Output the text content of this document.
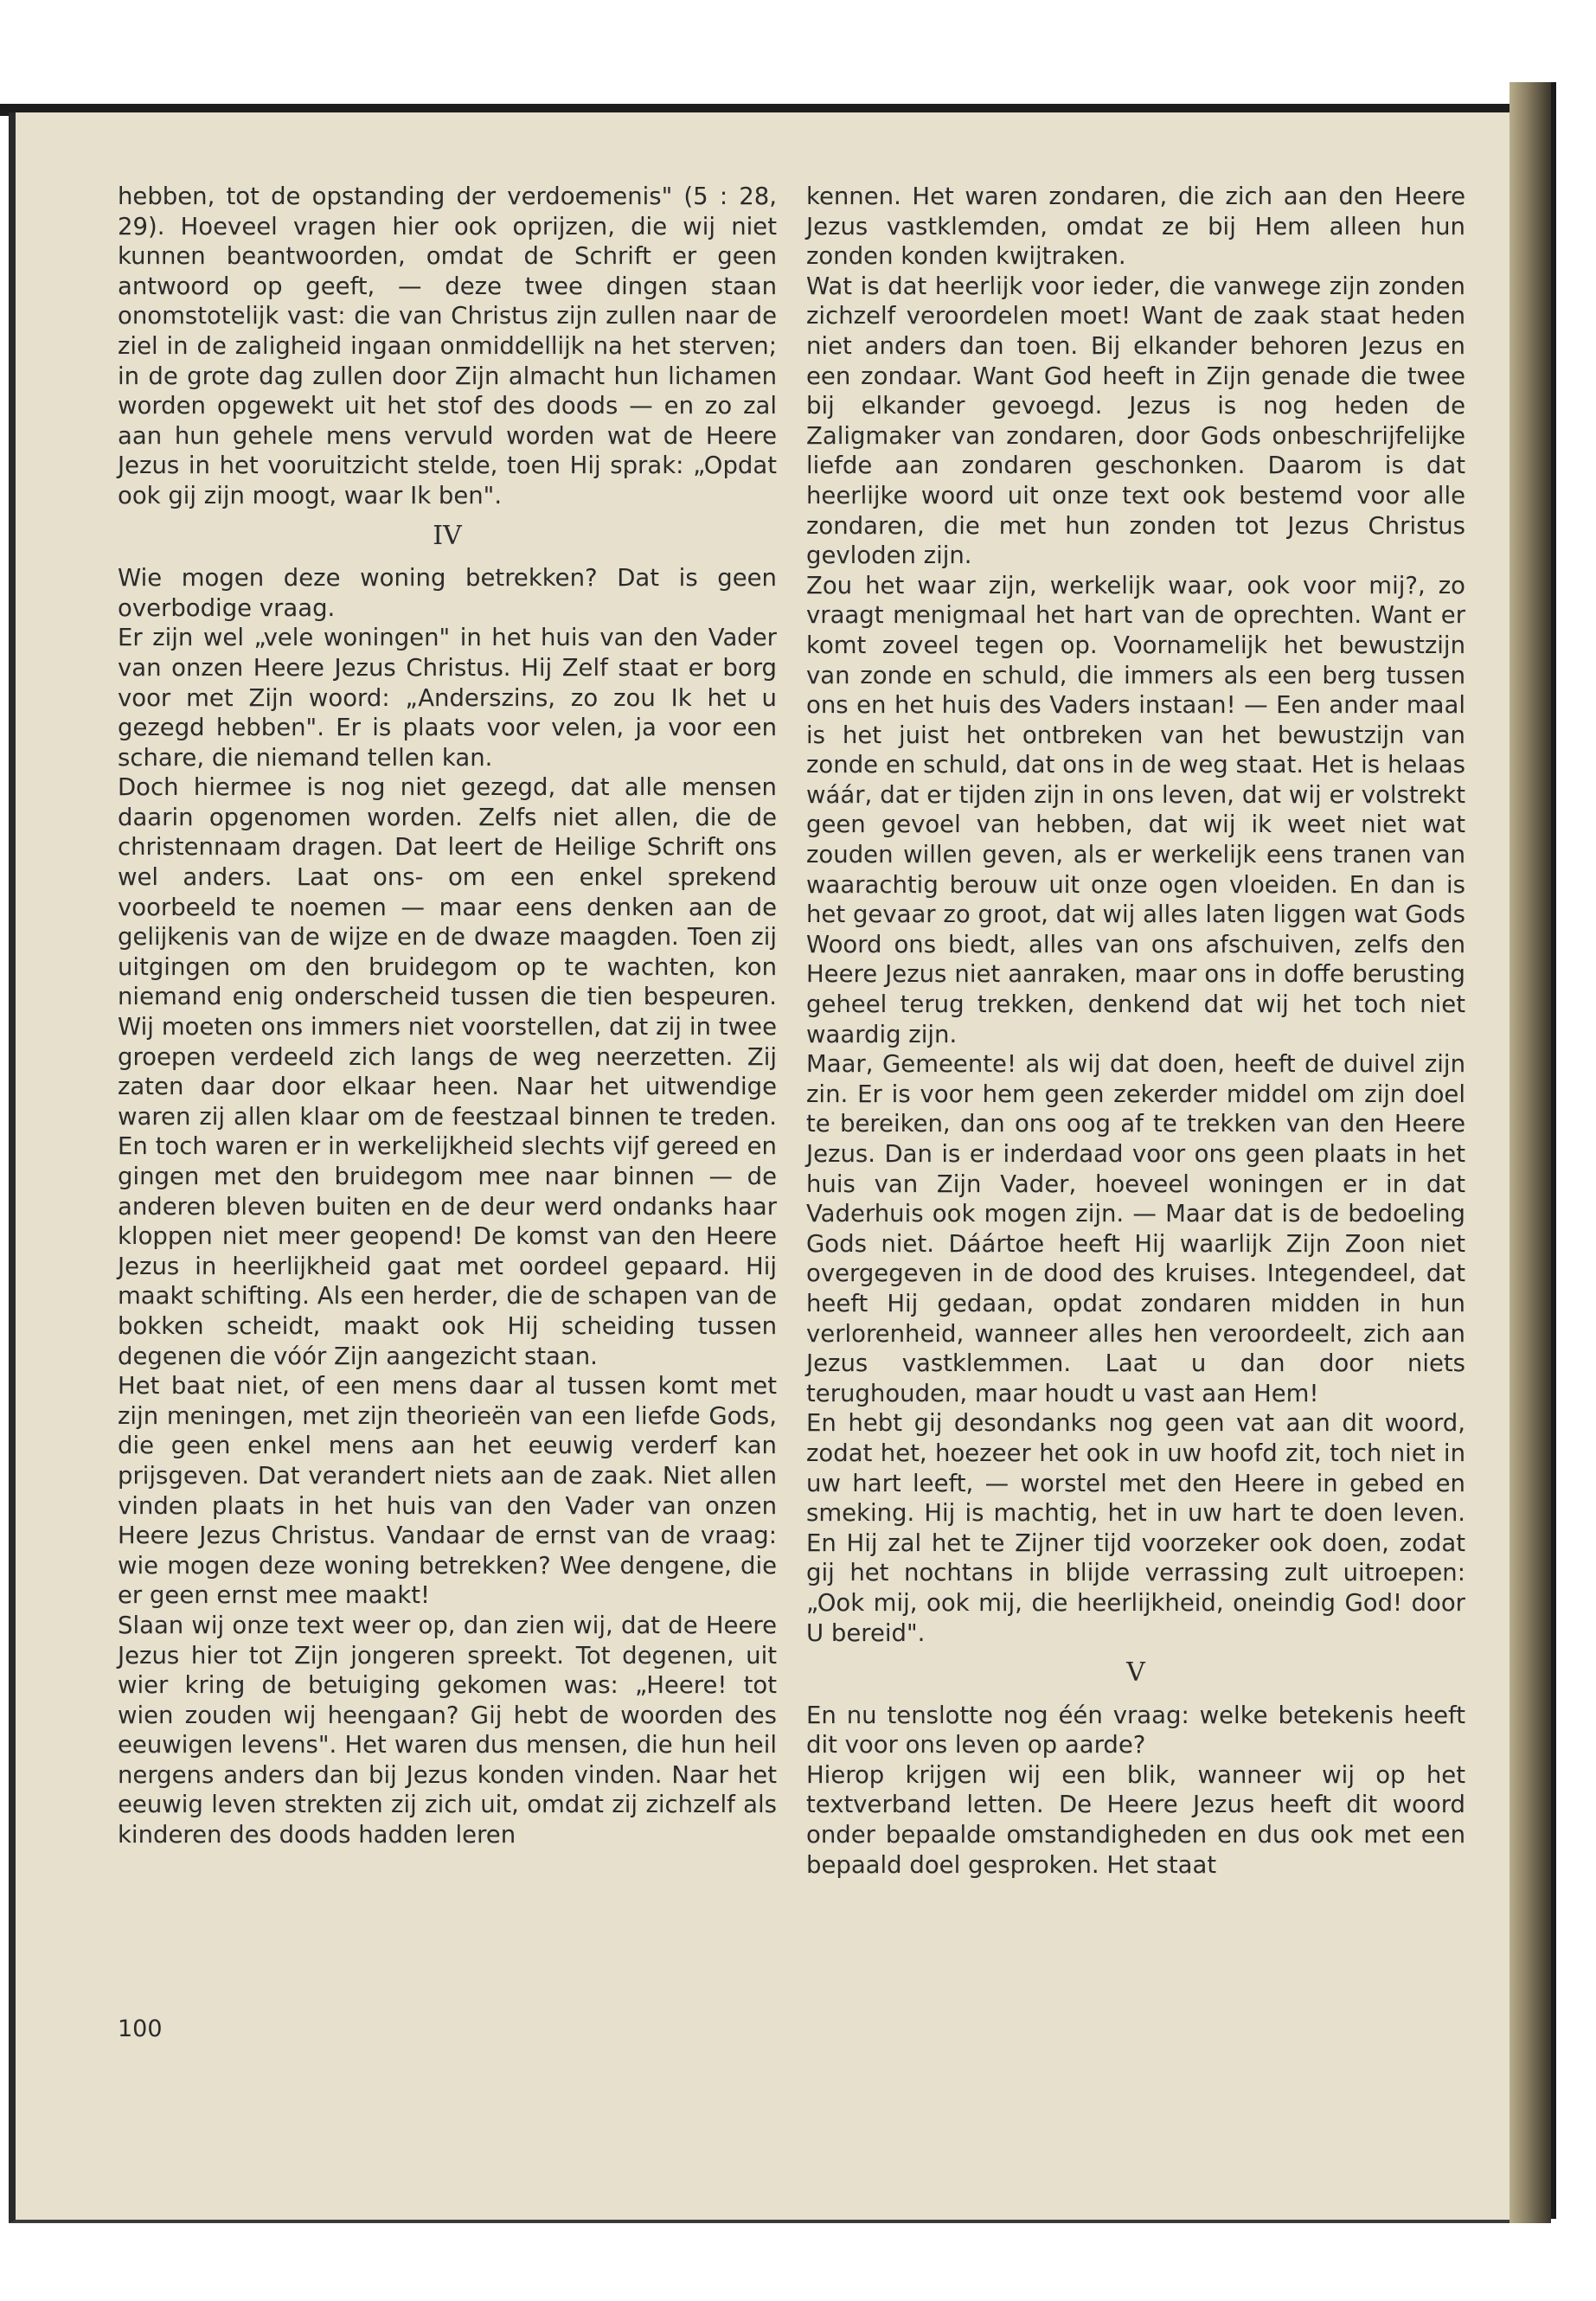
hebben, tot de opstanding der verdoemenis" (5 : 28, 29). Hoeveel vragen hier ook oprijzen, die wij niet kunnen beantwoorden, omdat de Schrift er geen antwoord op geeft, — deze twee dingen staan onomstotelijk vast: die van Christus zijn zullen naar de ziel in de zaligheid ingaan onmiddellijk na het sterven; in de grote dag zullen door Zijn almacht hun lichamen worden opgewekt uit het stof des doods — en zo zal aan hun gehele mens vervuld worden wat de Heere Jezus in het vooruitzicht stelde, toen Hij sprak: „Opdat ook gij zijn moogt, waar Ik ben".

IV

Wie mogen deze woning betrekken? Dat is geen overbodige vraag.

Er zijn wel „vele woningen" in het huis van den Vader van onzen Heere Jezus Christus. Hij Zelf staat er borg voor met Zijn woord: „Anderszins, zo zou Ik het u gezegd hebben". Er is plaats voor velen, ja voor een schare, die niemand tellen kan.

Doch hiermee is nog niet gezegd, dat alle mensen daarin opgenomen worden. Zelfs niet allen, die de christennaam dragen. Dat leert de Heilige Schrift ons wel anders. Laat ons- om een enkel sprekend voorbeeld te noemen — maar eens denken aan de gelijkenis van de wijze en de dwaze maagden. Toen zij uitgingen om den bruidegom op te wachten, kon niemand enig onderscheid tussen die tien bespeuren. Wij moeten ons immers niet voorstellen, dat zij in twee groepen verdeeld zich langs de weg neerzetten. Zij zaten daar door elkaar heen. Naar het uitwendige waren zij allen klaar om de feestzaal binnen te treden. En toch waren er in werkelijkheid slechts vijf gereed en gingen met den bruidegom mee naar binnen — de anderen bleven buiten en de deur werd ondanks haar kloppen niet meer geopend! De komst van den Heere Jezus in heerlijkheid gaat met oordeel gepaard. Hij maakt schifting. Als een herder, die de schapen van de bokken scheidt, maakt ook Hij scheiding tussen degenen die vóór Zijn aangezicht staan.

Het baat niet, of een mens daar al tussen komt met zijn meningen, met zijn theorieën van een liefde Gods, die geen enkel mens aan het eeuwig verderf kan prijsgeven. Dat verandert niets aan de zaak. Niet allen vinden plaats in het huis van den Vader van onzen Heere Jezus Christus. Vandaar de ernst van de vraag: wie mogen deze woning betrekken? Wee dengene, die er geen ernst mee maakt!

Slaan wij onze text weer op, dan zien wij, dat de Heere Jezus hier tot Zijn jongeren spreekt. Tot degenen, uit wier kring de betuiging gekomen was: „Heere! tot wien zouden wij heengaan? Gij hebt de woorden des eeuwigen levens". Het waren dus mensen, die hun heil nergens anders dan bij Jezus konden vinden. Naar het eeuwig leven strekten zij zich uit, omdat zij zichzelf als kinderen des doods hadden leren

kennen. Het waren zondaren, die zich aan den Heere Jezus vastklemden, omdat ze bij Hem alleen hun zonden konden kwijtraken.

Wat is dat heerlijk voor ieder, die vanwege zijn zonden zichzelf veroordelen moet! Want de zaak staat heden niet anders dan toen. Bij elkander behoren Jezus en een zondaar. Want God heeft in Zijn genade die twee bij elkander gevoegd. Jezus is nog heden de Zaligmaker van zondaren, door Gods onbeschrijfelijke liefde aan zondaren geschonken. Daarom is dat heerlijke woord uit onze text ook bestemd voor alle zondaren, die met hun zonden tot Jezus Christus gevloden zijn.

Zou het waar zijn, werkelijk waar, ook voor mij?, zo vraagt menigmaal het hart van de oprechten. Want er komt zoveel tegen op. Voornamelijk het bewustzijn van zonde en schuld, die immers als een berg tussen ons en het huis des Vaders instaan! — Een ander maal is het juist het ontbreken van het bewustzijn van zonde en schuld, dat ons in de weg staat. Het is helaas wáár, dat er tijden zijn in ons leven, dat wij er volstrekt geen gevoel van hebben, dat wij ik weet niet wat zouden willen geven, als er werkelijk eens tranen van waarachtig berouw uit onze ogen vloeiden. En dan is het gevaar zo groot, dat wij alles laten liggen wat Gods Woord ons biedt, alles van ons afschuiven, zelfs den Heere Jezus niet aanraken, maar ons in doffe berusting geheel terug trekken, denkend dat wij het toch niet waardig zijn.

Maar, Gemeente! als wij dat doen, heeft de duivel zijn zin. Er is voor hem geen zekerder middel om zijn doel te bereiken, dan ons oog af te trekken van den Heere Jezus. Dan is er inderdaad voor ons geen plaats in het huis van Zijn Vader, hoeveel woningen er in dat Vaderhuis ook mogen zijn. — Maar dat is de bedoeling Gods niet. Dáártoe heeft Hij waarlijk Zijn Zoon niet overgegeven in de dood des kruises. Integendeel, dat heeft Hij gedaan, opdat zondaren midden in hun verlorenheid, wanneer alles hen veroordeelt, zich aan Jezus vastklemmen. Laat u dan door niets terughouden, maar houdt u vast aan Hem!

En hebt gij desondanks nog geen vat aan dit woord, zodat het, hoezeer het ook in uw hoofd zit, toch niet in uw hart leeft, — worstel met den Heere in gebed en smeking. Hij is machtig, het in uw hart te doen leven. En Hij zal het te Zijner tijd voorzeker ook doen, zodat gij het nochtans in blijde verrassing zult uitroepen: „Ook mij, ook mij, die heerlijkheid, oneindig God! door U bereid".

V

En nu tenslotte nog één vraag: welke betekenis heeft dit voor ons leven op aarde?

Hierop krijgen wij een blik, wanneer wij op het textverband letten. De Heere Jezus heeft dit woord onder bepaalde omstandigheden en dus ook met een bepaald doel gesproken. Het staat

100
